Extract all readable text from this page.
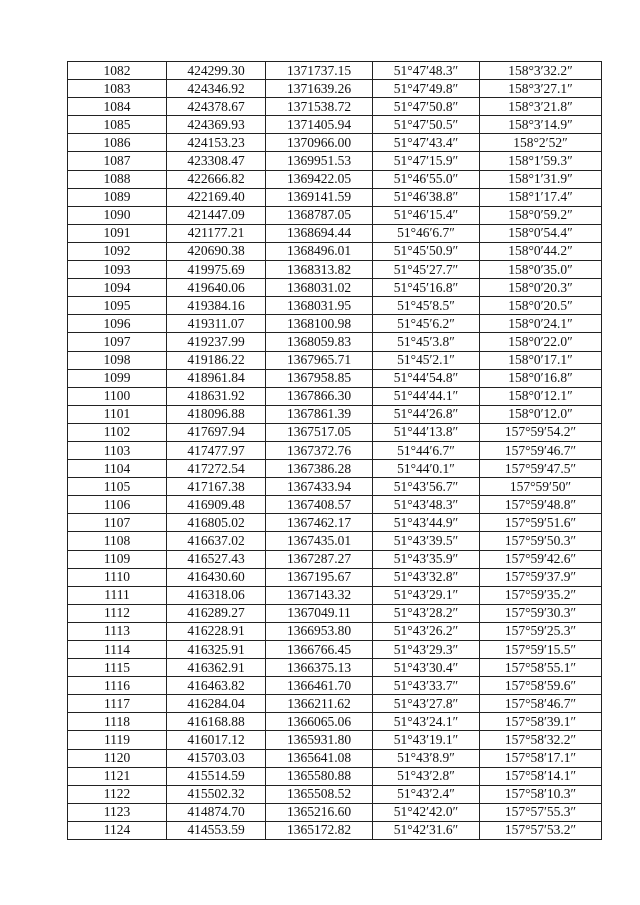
1082	424299.30	1371737.15	51°47′48.3″	158°3′32.2″
1083	424346.92	1371639.26	51°47′49.8″	158°3′27.1″
1084	424378.67	1371538.72	51°47′50.8″	158°3′21.8″
1085	424369.93	1371405.94	51°47′50.5″	158°3′14.9″
1086	424153.23	1370966.00	51°47′43.4″	158°2′52″
1087	423308.47	1369951.53	51°47′15.9″	158°1′59.3″
1088	422666.82	1369422.05	51°46′55.0″	158°1′31.9″
1089	422169.40	1369141.59	51°46′38.8″	158°1′17.4″
1090	421447.09	1368787.05	51°46′15.4″	158°0′59.2″
1091	421177.21	1368694.44	51°46′6.7″	158°0′54.4″
1092	420690.38	1368496.01	51°45′50.9″	158°0′44.2″
1093	419975.69	1368313.82	51°45′27.7″	158°0′35.0″
1094	419640.06	1368031.02	51°45′16.8″	158°0′20.3″
1095	419384.16	1368031.95	51°45′8.5″	158°0′20.5″
1096	419311.07	1368100.98	51°45′6.2″	158°0′24.1″
1097	419237.99	1368059.83	51°45′3.8″	158°0′22.0″
1098	419186.22	1367965.71	51°45′2.1″	158°0′17.1″
1099	418961.84	1367958.85	51°44′54.8″	158°0′16.8″
1100	418631.92	1367866.30	51°44′44.1″	158°0′12.1″
1101	418096.88	1367861.39	51°44′26.8″	158°0′12.0″
1102	417697.94	1367517.05	51°44′13.8″	157°59′54.2″
1103	417477.97	1367372.76	51°44′6.7″	157°59′46.7″
1104	417272.54	1367386.28	51°44′0.1″	157°59′47.5″
1105	417167.38	1367433.94	51°43′56.7″	157°59′50″
1106	416909.48	1367408.57	51°43′48.3″	157°59′48.8″
1107	416805.02	1367462.17	51°43′44.9″	157°59′51.6″
1108	416637.02	1367435.01	51°43′39.5″	157°59′50.3″
1109	416527.43	1367287.27	51°43′35.9″	157°59′42.6″
1110	416430.60	1367195.67	51°43′32.8″	157°59′37.9″
1111	416318.06	1367143.32	51°43′29.1″	157°59′35.2″
1112	416289.27	1367049.11	51°43′28.2″	157°59′30.3″
1113	416228.91	1366953.80	51°43′26.2″	157°59′25.3″
1114	416325.91	1366766.45	51°43′29.3″	157°59′15.5″
1115	416362.91	1366375.13	51°43′30.4″	157°58′55.1″
1116	416463.82	1366461.70	51°43′33.7″	157°58′59.6″
1117	416284.04	1366211.62	51°43′27.8″	157°58′46.7″
1118	416168.88	1366065.06	51°43′24.1″	157°58′39.1″
1119	416017.12	1365931.80	51°43′19.1″	157°58′32.2″
1120	415703.03	1365641.08	51°43′8.9″	157°58′17.1″
1121	415514.59	1365580.88	51°43′2.8″	157°58′14.1″
1122	415502.32	1365508.52	51°43′2.4″	157°58′10.3″
1123	414874.70	1365216.60	51°42′42.0″	157°57′55.3″
1124	414553.59	1365172.82	51°42′31.6″	157°57′53.2″
